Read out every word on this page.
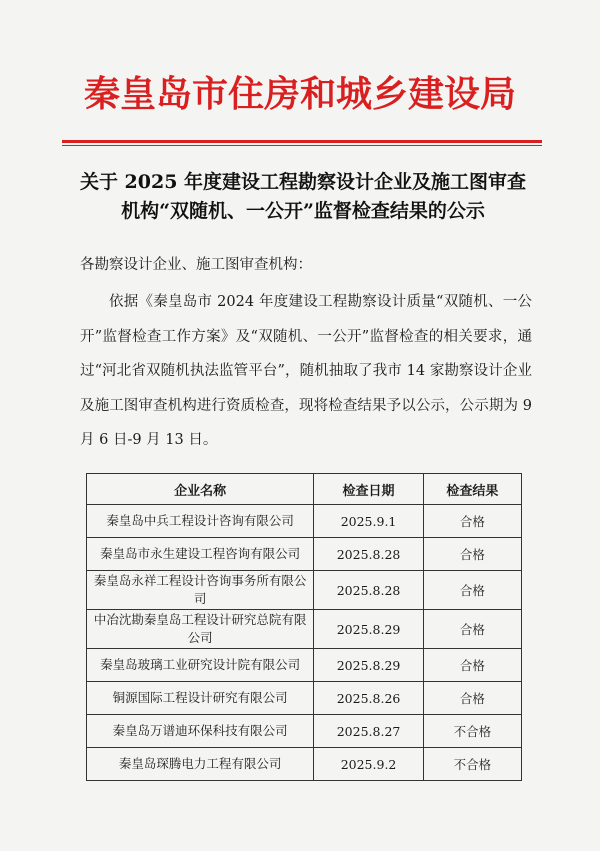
秦皇岛市住房和城乡建设局
关于 2025 年度建设工程勘察设计企业及施工图审查机构“双随机、一公开”监督检查结果的公示
各勘察设计企业、施工图审查机构：
依据《秦皇岛市 2024 年度建设工程勘察设计质量“双随机、一公开”监督检查工作方案》及“双随机、一公开”监督检查的相关要求，通过“河北省双随机执法监管平台”，随机抽取了我市 14 家勘察设计企业及施工图审查机构进行资质检查，现将检查结果予以公示，公示期为 9 月 6 日-9 月 13 日。
企业名称	检查日期	检查结果
秦皇岛中兵工程设计咨询有限公司	2025.9.1	合格
秦皇岛市永生建设工程咨询有限公司	2025.8.28	合格
秦皇岛永祥工程设计咨询事务所有限公司	2025.8.28	合格
中冶沈勘秦皇岛工程设计研究总院有限公司	2025.8.29	合格
秦皇岛玻璃工业研究设计院有限公司	2025.8.29	合格
铜源国际工程设计研究有限公司	2025.8.26	合格
秦皇岛万谱迪环保科技有限公司	2025.8.27	不合格
秦皇岛琛腾电力工程有限公司	2025.9.2	不合格
